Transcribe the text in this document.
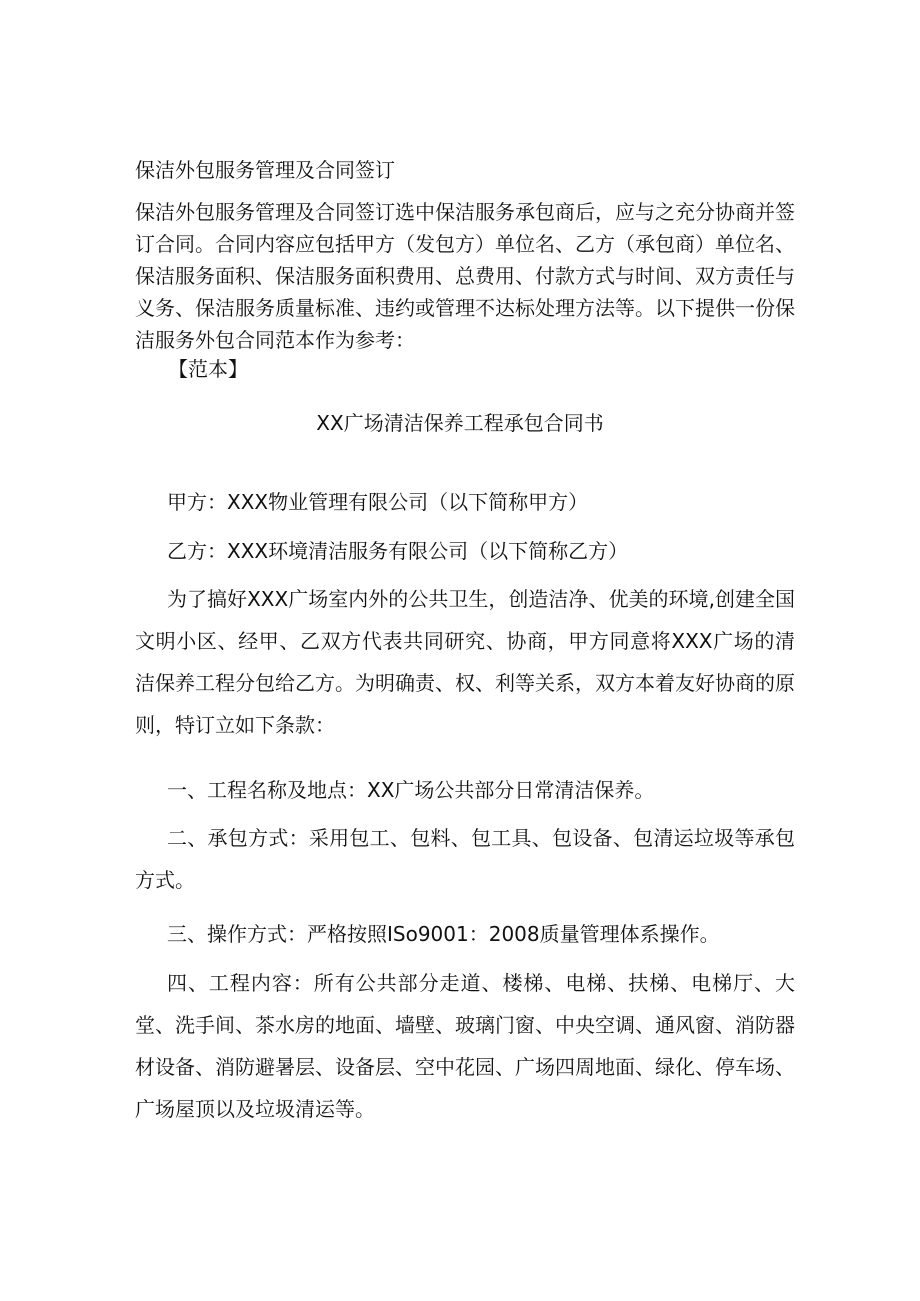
保洁外包服务管理及合同签订
保洁外包服务管理及合同签订选中保洁服务承包商后，应与之充分协商并签订合同。合同内容应包括甲方（发包方）单位名、乙方（承包商）单位名、保洁服务面积、保洁服务面积费用、总费用、付款方式与时间、双方责任与义务、保洁服务质量标准、违约或管理不达标处理方法等。以下提供一份保洁服务外包合同范本作为参考：
【范本】
XX广场清洁保养工程承包合同书
甲方：XXX物业管理有限公司（以下简称甲方）
乙方：XXX环境清洁服务有限公司（以下简称乙方）
为了搞好XXX广场室内外的公共卫生，创造洁净、优美的环境,创建全国文明小区、经甲、乙双方代表共同研究、协商，甲方同意将XXX广场的清洁保养工程分包给乙方。为明确责、权、利等关系，双方本着友好协商的原则，特订立如下条款：
一、工程名称及地点：XX广场公共部分日常清洁保养。
二、承包方式：采用包工、包料、包工具、包设备、包清运垃圾等承包方式。
三、操作方式：严格按照ISo9001：2008质量管理体系操作。
四、工程内容：所有公共部分走道、楼梯、电梯、扶梯、电梯厅、大堂、洗手间、茶水房的地面、墙壁、玻璃门窗、中央空调、通风窗、消防器材设备、消防避暑层、设备层、空中花园、广场四周地面、绿化、停车场、广场屋顶以及垃圾清运等。
